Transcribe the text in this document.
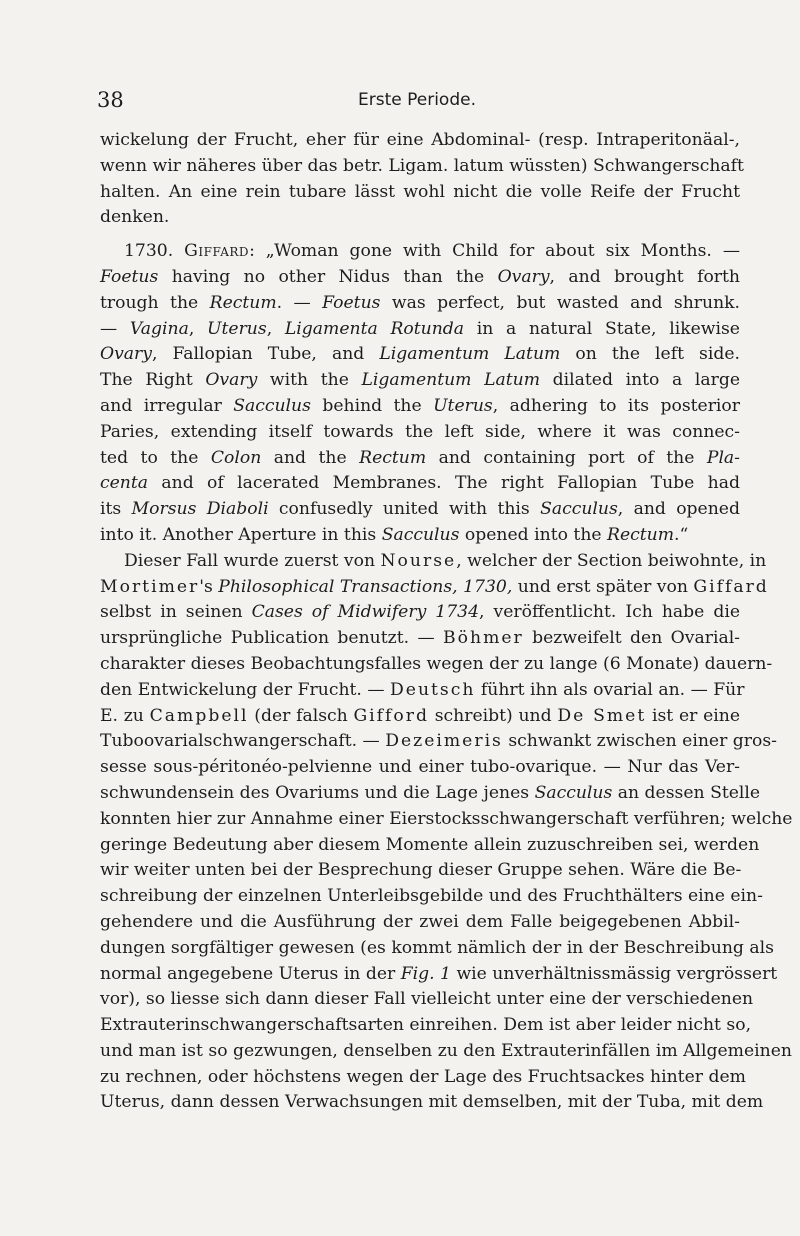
38	Erste Periode.
wickelung der Frucht, eher für eine Abdominal- (resp. Intraperitonäal-,
wenn wir näheres über das betr. Ligam. latum wüssten) Schwangerschaft
halten. An eine rein tubare lässt wohl nicht die volle Reife der Frucht
denken.
1730. Giffard: „Woman gone with Child for about six Months. —
Foetus having no other Nidus than the Ovary, and brought forth
trough the Rectum. — Foetus was perfect, but wasted and shrunk.
— Vagina, Uterus, Ligamenta Rotunda in a natural State, likewise
Ovary, Fallopian Tube, and Ligamentum Latum on the left side.
The Right Ovary with the Ligamentum Latum dilated into a large
and irregular Sacculus behind the Uterus, adhering to its posterior
Paries, extending itself towards the left side, where it was connec-
ted to the Colon and the Rectum and containing port of the Pla-
centa and of lacerated Membranes. The right Fallopian Tube had
its Morsus Diaboli confusedly united with this Sacculus, and opened
into it. Another Aperture in this Sacculus opened into the Rectum.“
Dieser Fall wurde zuerst von Nourse, welcher der Section beiwohnte, in
Mortimer's Philosophical Transactions, 1730, und erst später von Giffard
selbst in seinen Cases of Midwifery 1734, veröffentlicht. Ich habe die
ursprüngliche Publication benutzt. — Böhmer bezweifelt den Ovarial-
charakter dieses Beobachtungsfalles wegen der zu lange (6 Monate) dauern-
den Entwickelung der Frucht. — Deutsch führt ihn als ovarial an. — Für
E. zu Campbell (der falsch Gifford schreibt) und De Smet ist er eine
Tuboovarialschwangerschaft. — Dezeimeris schwankt zwischen einer gros-
sesse sous-péritonéo-pelvienne und einer tubo-ovarique. — Nur das Ver-
schwundensein des Ovariums und die Lage jenes Sacculus an dessen Stelle
konnten hier zur Annahme einer Eierstocksschwangerschaft verführen; welche
geringe Bedeutung aber diesem Momente allein zuzuschreiben sei, werden
wir weiter unten bei der Besprechung dieser Gruppe sehen. Wäre die Be-
schreibung der einzelnen Unterleibsgebilde und des Fruchthälters eine ein-
gehendere und die Ausführung der zwei dem Falle beigegebenen Abbil-
dungen sorgfältiger gewesen (es kommt nämlich der in der Beschreibung als
normal angegebene Uterus in der Fig. 1 wie unverhältnissmässig vergrössert
vor), so liesse sich dann dieser Fall vielleicht unter eine der verschiedenen
Extrauterinschwangerschaftsarten einreihen. Dem ist aber leider nicht so,
und man ist so gezwungen, denselben zu den Extrauterinfällen im Allgemeinen
zu rechnen, oder höchstens wegen der Lage des Fruchtsackes hinter dem
Uterus, dann dessen Verwachsungen mit demselben, mit der Tuba, mit dem
